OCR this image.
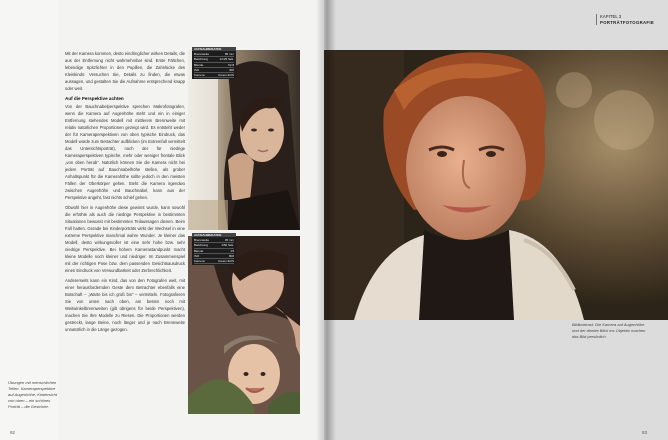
Mit der Kamera kommen, desto eindringlicher wirken Details, die aus der Entfernung nicht wahrnehmbar sind. Erste Fältchen, lebendige Spitzlichter in den Pupillen, die Zahnlücke des Kleinkinds: Versuchen Sie, Details zu finden, die etwas aussagen, und gestalten Sie die Aufnahme entsprechend knapp oder weit.

Auf die Perspektive achten

Von der Bauchnabelperspektive sprechen Makrofotografen, wenn die Kamera auf Augenhöhe steht und ein in einiger Entfernung stehendes Modell mit mittlerem Brennweite mit relativ natürlichen Proportionen gezeigt wird. Es entsteht weder der für Kameraperspektiven von oben typische Eindruck, das Modell würde zum Betrachter aufblicken (im Extremfall vermittelt das Untersichtsporträt), noch der für niedrige Kameraperspektiven typische, mehr oder weniger frontale Blick „von oben herab“. Natürlich können Sie die Kamera nicht bei jedem Porträt auf Bauchnabelhöhe stellen, als grober Anhaltspunkt für die Kamerahöhe sollte jedoch in den meisten Fällen der Oberkörper gelten. Steht die Kamera irgendwo zwischen Augenhöhe und Bauchnabel, kann aus der Perspektive angeht, fast nichts schief gehen.

Obwohl hier in Augenhöhe diese gewinnt wurde, kann sowohl die erhöhte als auch die niedrige Perspektive in bestimmten Situationen bewusst mit bestimmten Teilaussagen dienen. Beim Fall hatten. Gerade bei Kinderporträts wirkt der Wechsel in eine extreme Perspektive manchmal wahre Wunder. Je kleiner das Modell, desto wirkungsvoller ist eine sehr hohe bzw. sehr niedrige Perspektive. Bei hohem Kamerastandpunkt macht kleine Modelle noch kleiner und niedriger. Im Zusammenspiel mit der richtigen Pose bzw. dem passenden Gesichtsausdruck einen Eindruck von Verwundbarkeit oder Zerbrechlichkeit.

Andererseits kann ein Kind, das von den Fotografen weit, mit einer herausfordernden Geste dem Betrachter ebenfalls eine Botschaft – „Warte bis ich groß bin“ – vermitteln. Fotografieren Sie von unten nach oben, am besten noch mit Weitwinkelbrennweiten (gilt übrigens für beide Perspektiven), machen Sie Ihre Modelle zu Riesen. Die Proportionen werden gestreckt, lange Beine, noch länger und je nach Brennweite unnatürlich in die Länge gezogen.

AUFNAHMEDATEN
Brennweite	85 mm
Belichtung	1/125 Sek.
Blende	f/2.8
ISO	400
Kamera	Canon EOS
AUFNAHMEDATEN
Brennweite	35 mm
Belichtung	1/60 Sek.
Blende	f/4
ISO	800
Kamera	Canon EOS
Übungen mit menschlichen Teilen. Kameraperspektive auf Augenhöhe, Kindersicht von oben – ein schönes Porträt – die Gesichter.
92
KAPITEL 3
PORTRÄTFOTOGRAFIE
93
Bildkontrast: Die Kamera auf Augenhöhe und der direkte Blick ins Objektiv machen das Bild persönlich.
